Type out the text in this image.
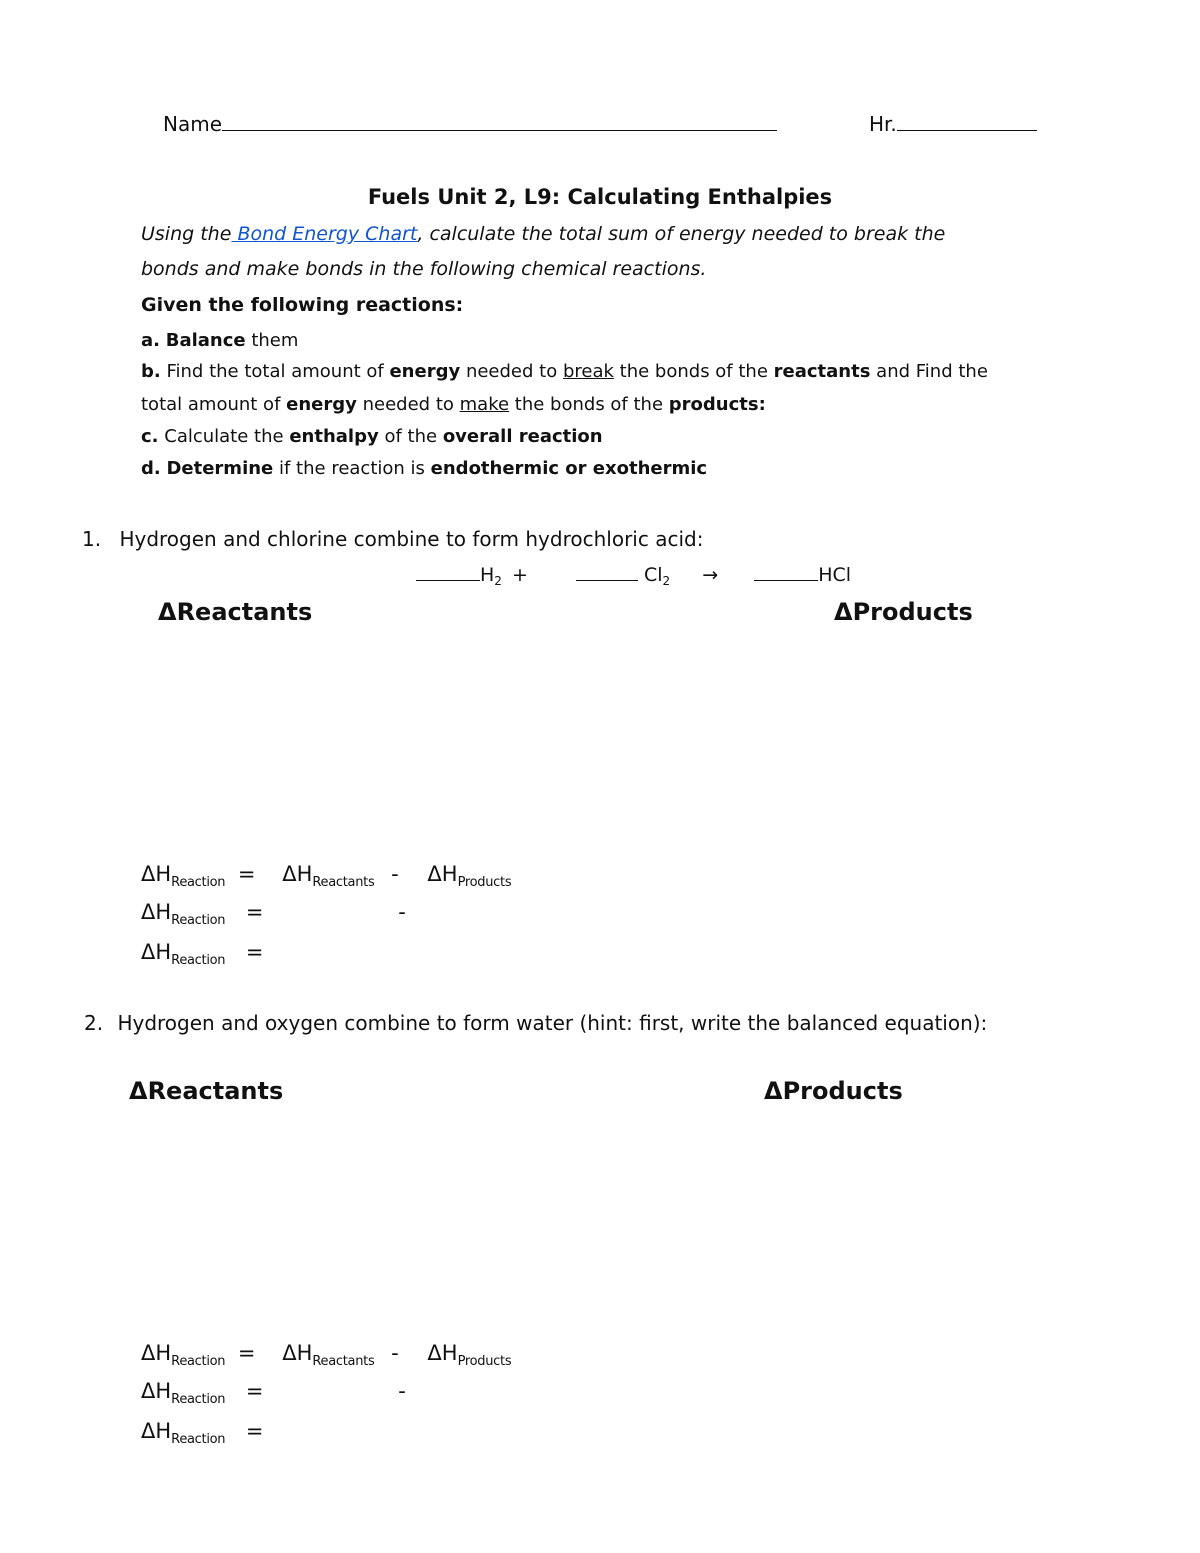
Name	Hr.
Fuels Unit 2, L9: Calculating Enthalpies
Using the Bond Energy Chart, calculate the total sum of energy needed to break the
bonds and make bonds in the following chemical reactions.
Given the following reactions:
a. Balance them
b. Find the total amount of energy needed to break the bonds of the reactants and Find the
total amount of energy needed to make the bonds of the products:
c. Calculate the enthalpy of the overall reaction
d. Determine if the reaction is endothermic or exothermic
1. Hydrogen and chlorine combine to form hydrochloric acid:
$H_2$ +	$Cl_2$ →	HCl
ΔReactants	ΔProducts
$\Delta H_{Reaction} = \Delta H_{Reactants} - \Delta H_{Products}$
$\Delta H_{Reaction}$ =	-
$\Delta H_{Reaction}$ =
2. Hydrogen and oxygen combine to form water (hint: first, write the balanced equation):
ΔReactants	ΔProducts
$\Delta H_{Reaction} = \Delta H_{Reactants} - \Delta H_{Products}$
$\Delta H_{Reaction}$ =	-
$\Delta H_{Reaction}$ =
